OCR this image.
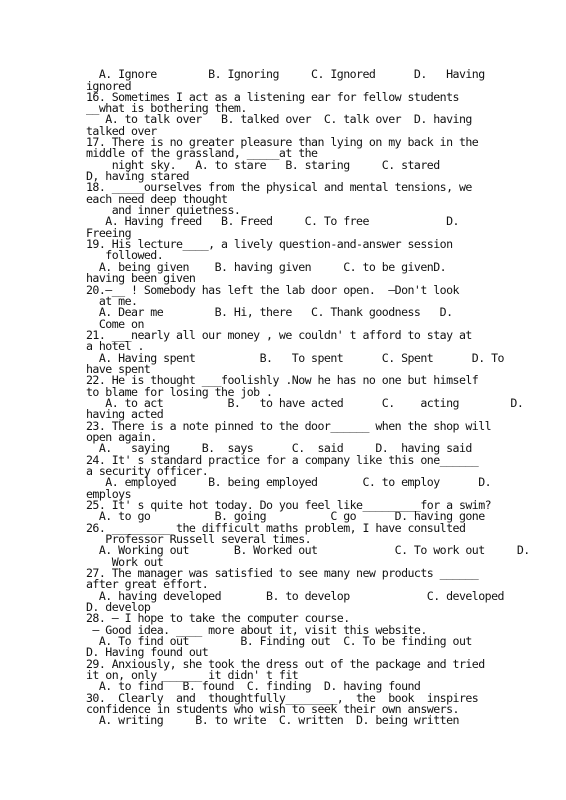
A. Ignore        B. Ignoring     C. Ignored      D.   Having
ignored
16. Sometimes I act as a listening ear for fellow students
__what is bothering them.
A. to talk over   B. talked over  C. talk over  D. having
talked over
17. There is no greater pleasure than lying on my back in the
middle of the grassland, _____at the
night sky.   A. to stare   B. staring     C. stared
D, having stared
18. _____ourselves from the physical and mental tensions, we
each need deep thought
and inner quietness.
A. Having freed   B. Freed     C. To free            D.
Freeing
19. His lecture____, a lively question-and-answer session
followed.
A. being given    B. having given     C. to be givenD.
having been given
20.—__ ! Somebody has left the lab door open.  —Don't look
at me.
A. Dear me        B. Hi, there   C. Thank goodness   D.
Come on
21. ___nearly all our money , we couldn' t afford to stay at
a hotel .
A. Having spent          B.   To spent      C. Spent      D. To
have spent
22. He is thought ___foolishly .Now he has no one but himself
to blame for losing the job .
A. to act          B.   to have acted      C.    acting        D.
having acted
23. There is a note pinned to the door______ when the shop will
open again.
A.   saying     B.  says      C.  said     D.  having said
24. It' s standard practice for a company like this one______
a security officer.
A. employed     B. being employed       C. to employ      D.
employs
25. It' s quite hot today. Do you feel like_________for a swim?
A. to go          B. going          C go      D. having gone
26. _________ the difficult maths problem, I have consulted
Professor Russell several times.
A. Working out       B. Worked out            C. To work out     D.
Work out
27. The manager was satisfied to see many new products ______
after great effort.
A. having developed       B. to develop            C. developed
D. develop
28. — I hope to take the computer course.
— Good idea. ____ more about it, visit this website.
A. To find out        B. Finding out  C. To be finding out
D. Having found out
29. Anxiously, she took the dress out of the package and tried
it on, only ______ it didn' t fit
A. to find   B. found  C. finding  D. having found
30.  Clearly  and  thoughtfully________,  the  book  inspires
confidence in students who wish to seek their own answers.
A. writing     B. to write  C. written  D. being written
